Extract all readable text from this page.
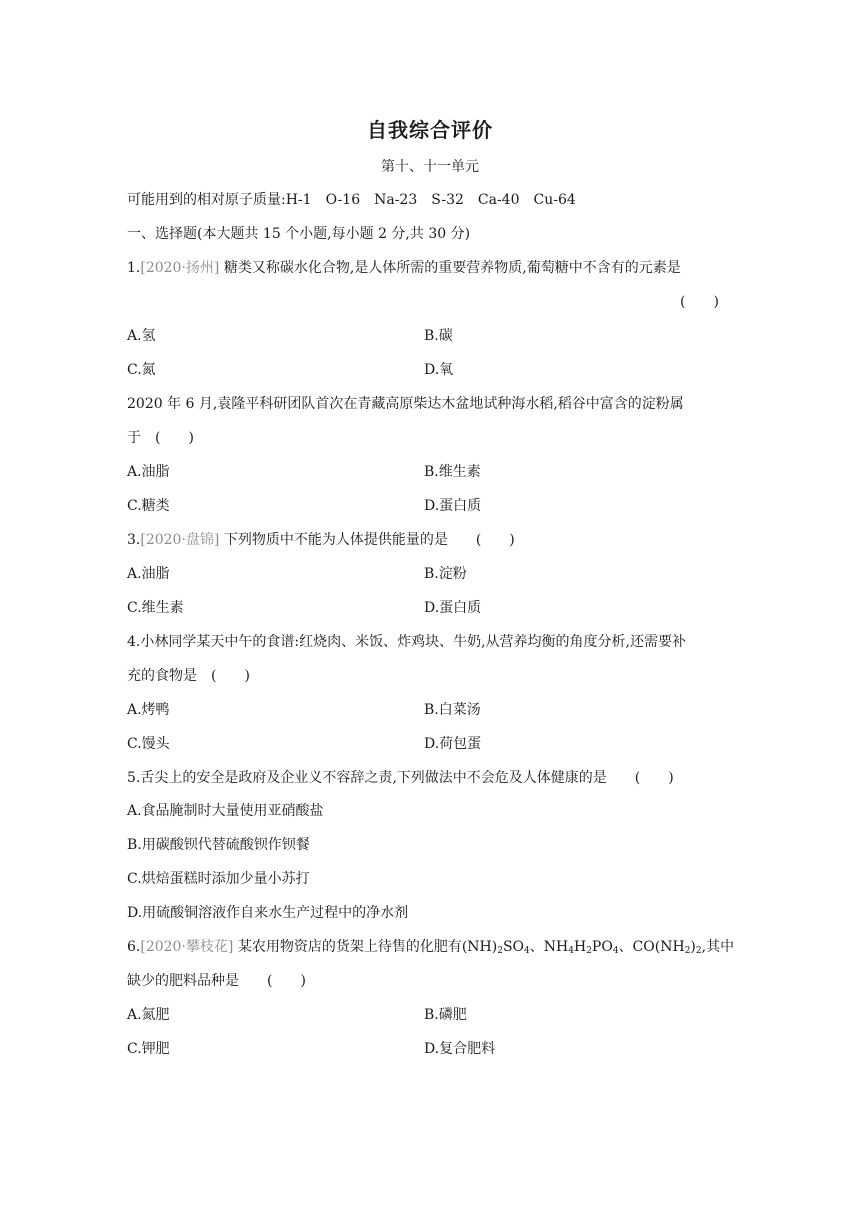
自我综合评价
第十、十一单元
可能用到的相对原子质量:H-1　O-16　Na-23　S-32　Ca-40　Cu-64
一、选择题(本大题共 15 个小题,每小题 2 分,共 30 分)
1.[2020·扬州] 糖类又称碳水化合物,是人体所需的重要营养物质,葡萄糖中不含有的元素是
(　　)
A.氢	B.碳
C.氮	D.氧
2020 年 6 月,袁隆平科研团队首次在青藏高原柴达木盆地试种海水稻,稻谷中富含的淀粉属
于　(　　)
A.油脂	B.维生素
C.糖类	D.蛋白质
3.[2020·盘锦] 下列物质中不能为人体提供能量的是　　(　　)
A.油脂	B.淀粉
C.维生素	D.蛋白质
4.小林同学某天中午的食谱:红烧肉、米饭、炸鸡块、牛奶,从营养均衡的角度分析,还需要补
充的食物是　(　　)
A.烤鸭	B.白菜汤
C.馒头	D.荷包蛋
5.舌尖上的安全是政府及企业义不容辞之责,下列做法中不会危及人体健康的是　　(　　)
A.食品腌制时大量使用亚硝酸盐
B.用碳酸钡代替硫酸钡作钡餐
C.烘焙蛋糕时添加少量小苏打
D.用硫酸铜溶液作自来水生产过程中的净水剂
6.[2020·攀枝花] 某农用物资店的货架上待售的化肥有$(NH)_2SO_4$、$NH_4H_2PO_4$、$CO(NH_2)_2$,其中
缺少的肥料品种是　　(　　)
A.氮肥	B.磷肥
C.钾肥	D.复合肥料
